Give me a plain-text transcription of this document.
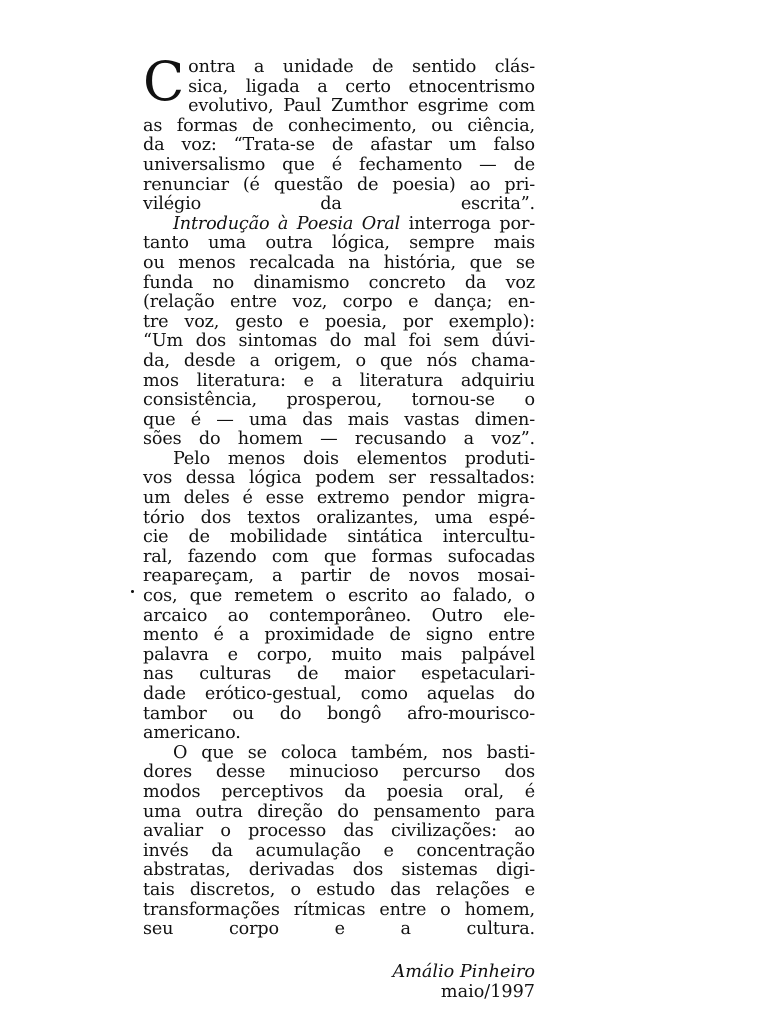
C ontra a unidade de sentido clás-
sica, ligada a certo etnocentrismo
evolutivo, Paul Zumthor esgrime com
as formas de conhecimento, ou ciência,
da voz: “Trata-se de afastar um falso
universalismo que é fechamento — de
renunciar (é questão de poesia) ao pri-
vilégio da escrita”.
Introdução à Poesia Oral interroga por-
tanto uma outra lógica, sempre mais
ou menos recalcada na história, que se
funda no dinamismo concreto da voz
(relação entre voz, corpo e dança; en-
tre voz, gesto e poesia, por exemplo):
“Um dos sintomas do mal foi sem dúvi-
da, desde a origem, o que nós chama-
mos literatura: e a literatura adquiriu
consistência, prosperou, tornou-se o
que é — uma das mais vastas dimen-
sões do homem — recusando a voz”.
Pelo menos dois elementos produti-
vos dessa lógica podem ser ressaltados:
um deles é esse extremo pendor migra-
tório dos textos oralizantes, uma espé-
cie de mobilidade sintática intercultu-
ral, fazendo com que formas sufocadas
reapareçam, a partir de novos mosai-
cos, que remetem o escrito ao falado, o
arcaico ao contemporâneo. Outro ele-
mento é a proximidade de signo entre
palavra e corpo, muito mais palpável
nas culturas de maior espetaculari-
dade erótico-gestual, como aquelas do
tambor ou do bongô afro-mourisco-
americano.
O que se coloca também, nos basti-
dores desse minucioso percurso dos
modos perceptivos da poesia oral, é
uma outra direção do pensamento para
avaliar o processo das civilizações: ao
invés da acumulação e concentração
abstratas, derivadas dos sistemas digi-
tais discretos, o estudo das relações e
transformações rítmicas entre o homem,
seu corpo e a cultura.
Amálio Pinheiro
maio/1997
